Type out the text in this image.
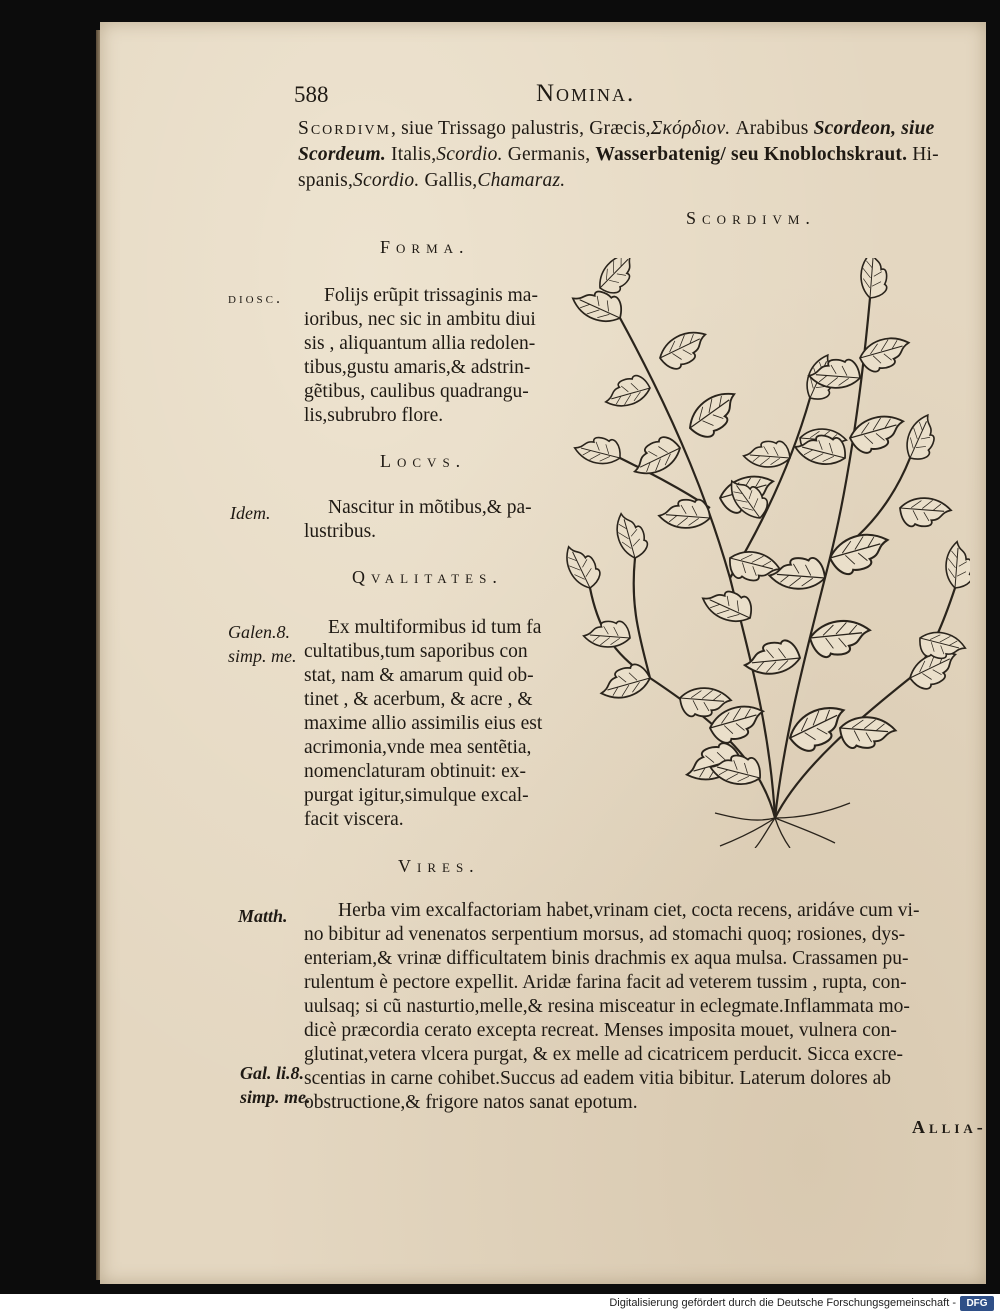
588	Nomina.
Scordivm, siue Trissago palustris, Græcis,Σκόρδιον. Arabibus Scordeon, siue
Scordeum. Italis,Scordio. Germanis, Wasserbatenig/ seu Knoblochskraut. Hi-
spanis,Scordio. Gallis,Chamaraz.
Scordivm.
Forma.
diosc. Folijs erũpit trissaginis ma-
ioribus, nec sic in ambitu diui
sis , aliquantum allia redolen-
tibus,gustu amaris,& adstrin-
gẽtibus, caulibus quadrangu-
lis,subrubro flore.
Locvs.
Idem.	Nascitur in mõtibus,& pa-
lustribus.
Qvalitates.
Galen.8.
simp. me.
Ex multiformibus id tum fa
cultatibus,tum saporibus con
stat, nam & amarum quid ob-
tinet , & acerbum, & acre , &
maxime allio assimilis eius est
acrimonia,vnde mea sentẽtia,
nomenclaturam obtinuit: ex-
purgat igitur,simulque excal-
facit viscera.
Vires.
Matth.
Gal. li.8.
simp. me.
Herba vim excalfactoriam habet,vrinam ciet, cocta recens, aridáve cum vi-
no bibitur ad venenatos serpentium morsus, ad stomachi quoq; rosiones, dys-
enteriam,& vrinæ difficultatem binis drachmis ex aqua mulsa. Crassamen pu-
rulentum è pectore expellit. Aridæ farina facit ad veterem tussim , rupta, con-
uulsaq; si cũ nasturtio,melle,& resina misceatur in eclegmate.Inflammata mo-
dicè præcordia cerato excepta recreat. Menses imposita mouet, vulnera con-
glutinat,vetera vlcera purgat, & ex melle ad cicatricem perducit. Sicca excre-
scentias in carne cohibet.Succus ad eadem vitia bibitur. Laterum dolores ab
obstructione,& frigore natos sanat epotum.
Allia-
Digitalisierung gefördert durch die Deutsche Forschungsgemeinschaft -	DFG
